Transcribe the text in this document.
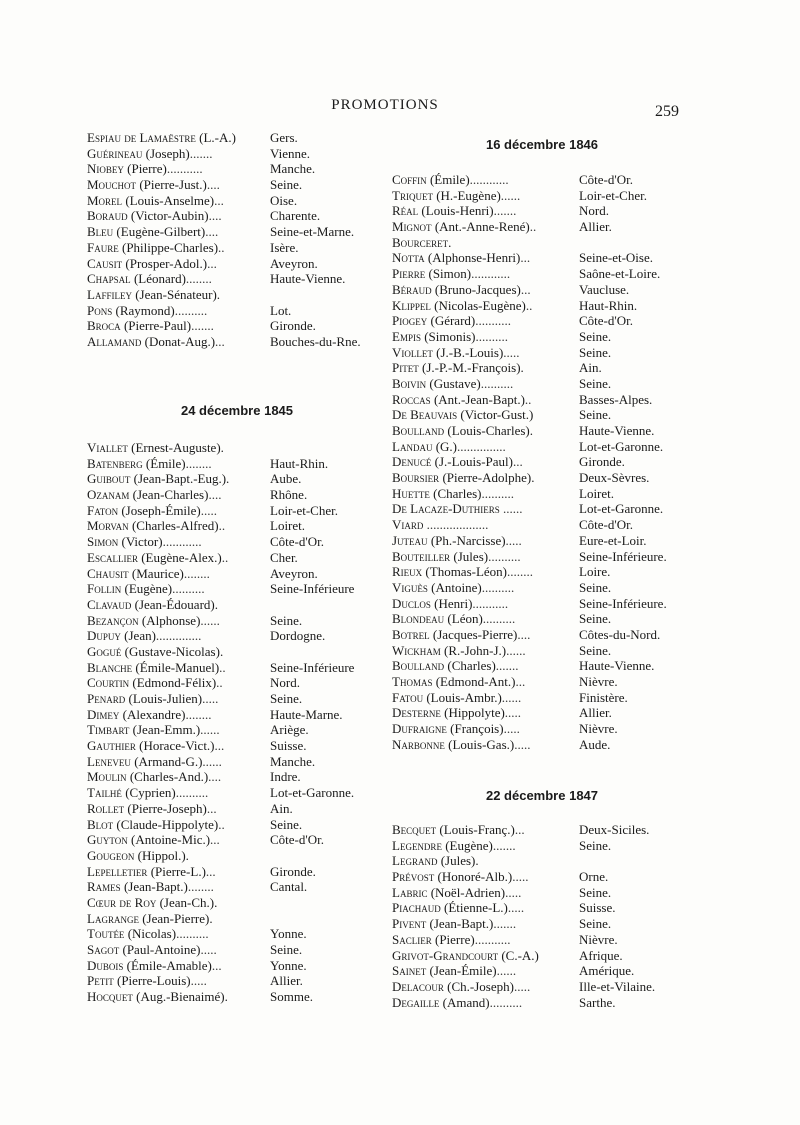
PROMOTIONS	259
Espiau de Lamaëstre (L.-A.)	Gers.
Guérineau (Joseph).......	Vienne.
Niobey (Pierre)...........	Manche.
Mouchot (Pierre-Just.)....	Seine.
Morel (Louis-Anselme)...	Oise.
Boraud (Victor-Aubin)....	Charente.
Bleu (Eugène-Gilbert)....	Seine-et-Marne.
Faure (Philippe-Charles)..	Isère.
Causit (Prosper-Adol.)...	Aveyron.
Chapsal (Léonard)........	Haute-Vienne.
Laffiley (Jean-Sénateur).
Pons (Raymond)..........	Lot.
Broca (Pierre-Paul).......	Gironde.
Allamand (Donat-Aug.)...	Bouches-du-Rne.
24 décembre 1845
Viallet (Ernest-Auguste).
Batenberg (Émile)........	Haut-Rhin.
Guibout (Jean-Bapt.-Eug.).	Aube.
Ozanam (Jean-Charles)....	Rhône.
Faton (Joseph-Émile).....	Loir-et-Cher.
Morvan (Charles-Alfred)..	Loiret.
Simon (Victor)............	Côte-d'Or.
Escallier (Eugène-Alex.)..	Cher.
Chausit (Maurice)........	Aveyron.
Follin (Eugène)..........	Seine-Inférieure
Clavaud (Jean-Édouard).
Bezançon (Alphonse)......	Seine.
Dupuy (Jean)..............	Dordogne.
Gogué (Gustave-Nicolas).
Blanche (Émile-Manuel)..	Seine-Inférieure
Courtin (Edmond-Félix)..	Nord.
Penard (Louis-Julien).....	Seine.
Dimey (Alexandre)........	Haute-Marne.
Timbart (Jean-Emm.)......	Ariège.
Gauthier (Horace-Vict.)...	Suisse.
Leneveu (Armand-G.)......	Manche.
Moulin (Charles-And.)....	Indre.
Tailhé (Cyprien)..........	Lot-et-Garonne.
Rollet (Pierre-Joseph)...	Ain.
Blot (Claude-Hippolyte)..	Seine.
Guyton (Antoine-Mic.)...	Côte-d'Or.
Gougeon (Hippol.).
Lepelletier (Pierre-L.)...	Gironde.
Rames (Jean-Bapt.)........	Cantal.
Cœur de Roy (Jean-Ch.).
Lagrange (Jean-Pierre).
Toutée (Nicolas)..........	Yonne.
Sagot (Paul-Antoine).....	Seine.
Dubois (Émile-Amable)...	Yonne.
Petit (Pierre-Louis).....	Allier.
Hocquet (Aug.-Bienaimé).	Somme.
16 décembre 1846
Coffin (Émile)............	Côte-d'Or.
Triquet (H.-Eugène)......	Loir-et-Cher.
Réal (Louis-Henri).......	Nord.
Mignot (Ant.-Anne-René)..	Allier.
Bourceret.
Notta (Alphonse-Henri)...	Seine-et-Oise.
Pierre (Simon)............	Saône-et-Loire.
Béraud (Bruno-Jacques)...	Vaucluse.
Klippel (Nicolas-Eugène)..	Haut-Rhin.
Piogey (Gérard)...........	Côte-d'Or.
Empis (Simonis)..........	Seine.
Viollet (J.-B.-Louis).....	Seine.
Pitet (J.-P.-M.-François).	Ain.
Boivin (Gustave)..........	Seine.
Roccas (Ant.-Jean-Bapt.)..	Basses-Alpes.
De Beauvais (Victor-Gust.)	Seine.
Boulland (Louis-Charles).	Haute-Vienne.
Landau (G.)...............	Lot-et-Garonne.
Denucé (J.-Louis-Paul)...	Gironde.
Boursier (Pierre-Adolphe).	Deux-Sèvres.
Huette (Charles)..........	Loiret.
De Lacaze-Duthiers ......	Lot-et-Garonne.
Viard ...................	Côte-d'Or.
Juteau (Ph.-Narcisse).....	Eure-et-Loir.
Bouteiller (Jules)..........	Seine-Inférieure.
Rieux (Thomas-Léon)........	Loire.
Viguès (Antoine)..........	Seine.
Duclos (Henri)...........	Seine-Inférieure.
Blondeau (Léon)..........	Seine.
Botrel (Jacques-Pierre)....	Côtes-du-Nord.
Wickham (R.-John-J.)......	Seine.
Boulland (Charles).......	Haute-Vienne.
Thomas (Edmond-Ant.)...	Nièvre.
Fatou (Louis-Ambr.)......	Finistère.
Desterne (Hippolyte).....	Allier.
Dufraigne (François).....	Nièvre.
Narbonne (Louis-Gas.).....	Aude.
22 décembre 1847
Becquet (Louis-Franç.)...	Deux-Siciles.
Legendre (Eugène).......	Seine.
Legrand (Jules).
Prévost (Honoré-Alb.).....	Orne.
Labric (Noël-Adrien).....	Seine.
Piachaud (Étienne-L.).....	Suisse.
Pivent (Jean-Bapt.).......	Seine.
Saclier (Pierre)...........	Nièvre.
Grivot-Grandcourt (C.-A.)	Afrique.
Sainet (Jean-Émile)......	Amérique.
Delacour (Ch.-Joseph).....	Ille-et-Vilaine.
Degaille (Amand)..........	Sarthe.
